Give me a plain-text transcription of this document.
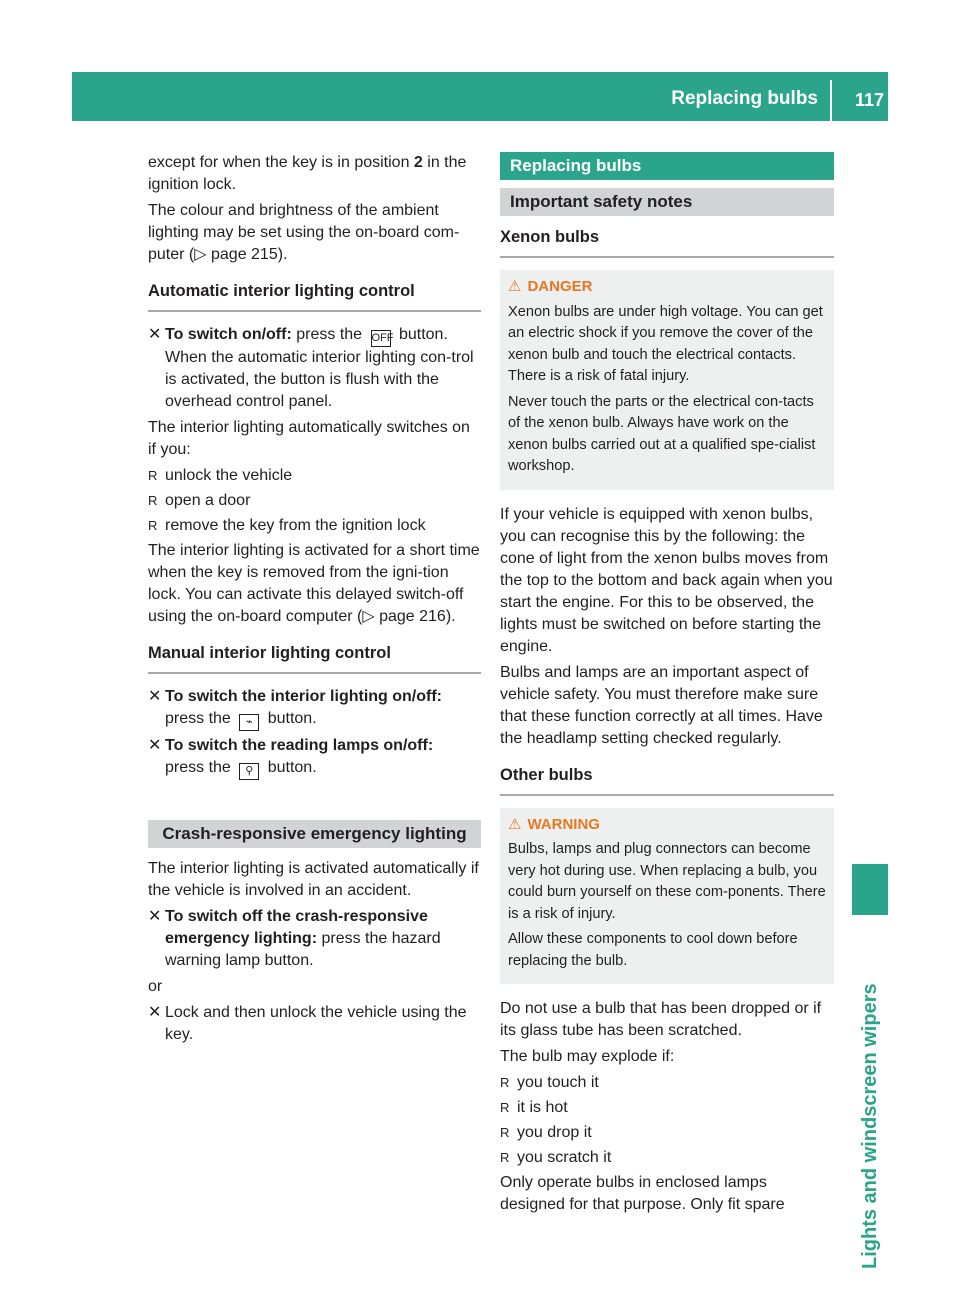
Replacing bulbs 117
Lights and windscreen wipers

except for when the key is in position 2 in the ignition lock.

The colour and brightness of the ambient lighting may be set using the on-board com-puter (▷ page 215).

Automatic interior lighting control
✕ To switch on/off: press the OFF button.
When the automatic interior lighting con-trol is activated, the button is flush with the overhead control panel.

The interior lighting automatically switches on if you:

R unlock the vehicle
R open a door
R remove the key from the ignition lock

The interior lighting is activated for a short time when the key is removed from the igni-tion lock. You can activate this delayed switch-off using the on-board computer (▷ page 216).

Manual interior lighting control
✕ To switch the interior lighting on/off:
press the ⌁ button.
✕ To switch the reading lamps on/off:
press the ⚲ button.
Crash-responsive emergency lighting

The interior lighting is activated automatically if the vehicle is involved in an accident.

✕ To switch off the crash-responsive emergency lighting: press the hazard warning lamp button.

or

✕ Lock and then unlock the vehicle using the key.
Replacing bulbs
Important safety notes
Xenon bulbs
⚠ DANGER

Xenon bulbs are under high voltage. You can get an electric shock if you remove the cover of the xenon bulb and touch the electrical contacts. There is a risk of fatal injury.

Never touch the parts or the electrical con-tacts of the xenon bulb. Always have work on the xenon bulbs carried out at a qualified spe-cialist workshop.

If your vehicle is equipped with xenon bulbs, you can recognise this by the following: the cone of light from the xenon bulbs moves from the top to the bottom and back again when you start the engine. For this to be observed, the lights must be switched on before starting the engine.

Bulbs and lamps are an important aspect of vehicle safety. You must therefore make sure that these function correctly at all times. Have the headlamp setting checked regularly.

Other bulbs
⚠ WARNING

Bulbs, lamps and plug connectors can become very hot during use. When replacing a bulb, you could burn yourself on these com-ponents. There is a risk of injury.

Allow these components to cool down before replacing the bulb.

Do not use a bulb that has been dropped or if its glass tube has been scratched.

The bulb may explode if:

R you touch it
R it is hot
R you drop it
R you scratch it

Only operate bulbs in enclosed lamps designed for that purpose. Only fit spare
